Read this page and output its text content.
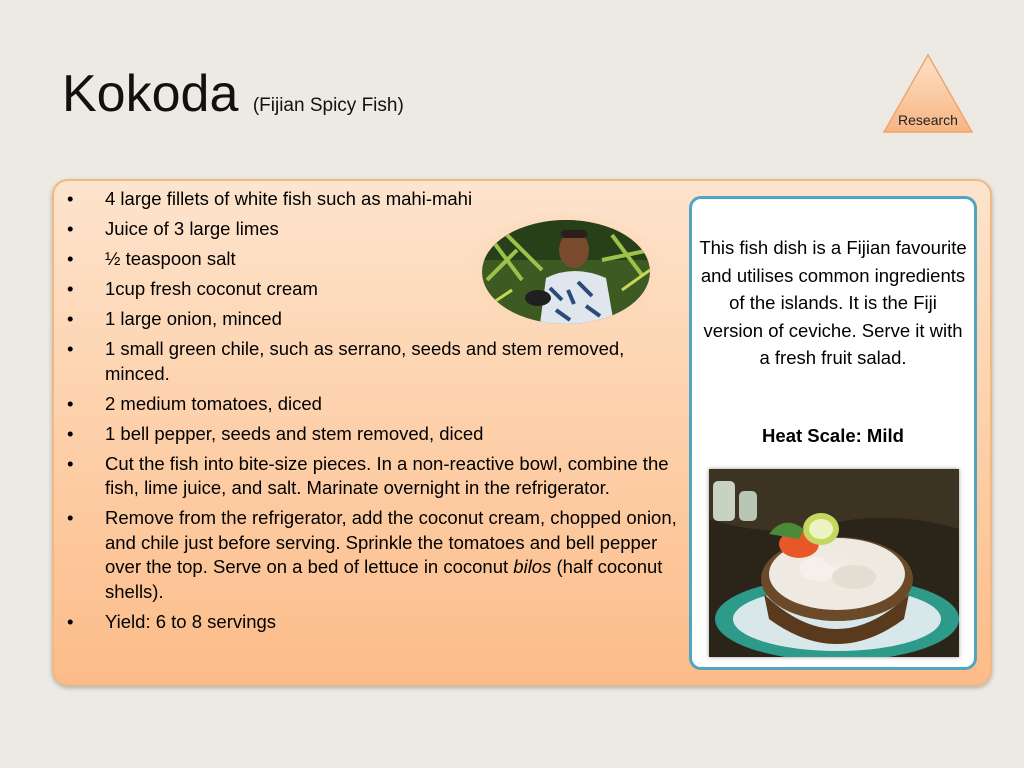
Kokoda (Fijian Spicy Fish)
Research
• 4 large fillets of white fish such as mahi-mahi
• Juice of 3 large limes
• ½ teaspoon salt
• 1cup fresh coconut cream
• 1 large onion, minced
• 1 small green chile, such as serrano, seeds and stem removed, minced.
• 2 medium tomatoes, diced
• 1 bell pepper, seeds and stem removed, diced
• Cut the fish into bite-size pieces. In a non-reactive bowl, combine the fish, lime juice, and salt. Marinate overnight in the refrigerator.
• Remove from the refrigerator, add the coconut cream, chopped onion, and chile just before serving. Sprinkle the tomatoes and bell pepper over the top. Serve on a bed of lettuce in coconut bilos (half coconut shells).
• Yield: 6 to 8 servings
This fish dish is a Fijian favourite and utilises common ingredients of the islands. It is the Fiji version of ceviche. Serve it with a fresh fruit salad.
Heat Scale: Mild
